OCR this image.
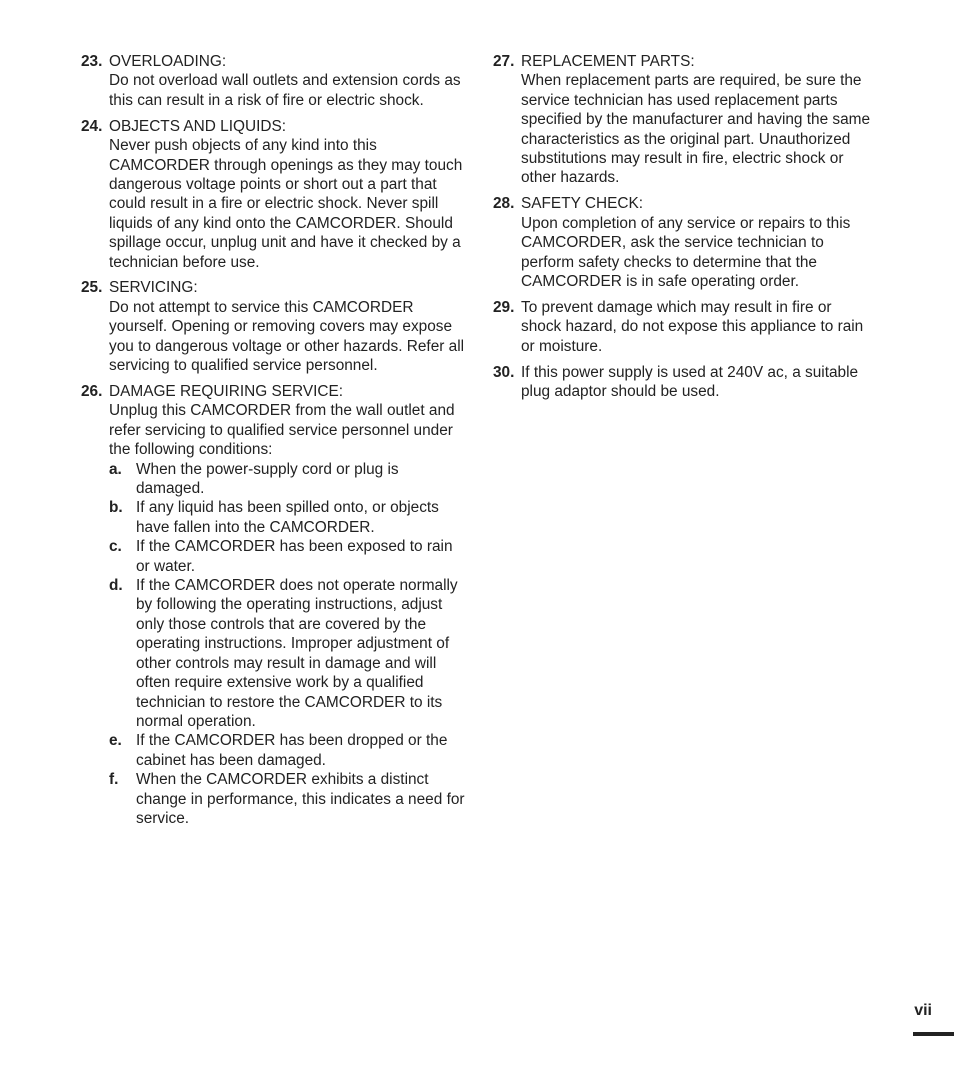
23. OVERLOADING:
Do not overload wall outlets and extension cords as this can result in a risk of fire or electric shock.
24. OBJECTS AND LIQUIDS:
Never push objects of any kind into this CAMCORDER through openings as they may touch dangerous voltage points or short out a part that could result in a fire or electric shock. Never spill liquids of any kind onto the CAMCORDER. Should spillage occur, unplug unit and have it checked by a technician before use.
25. SERVICING:
Do not attempt to service this CAMCORDER yourself. Opening or removing covers may expose you to dangerous voltage or other hazards. Refer all servicing to qualified service personnel.
26. DAMAGE REQUIRING SERVICE:
Unplug this CAMCORDER from the wall outlet and refer servicing to qualified service personnel under the following conditions:
a. When the power-supply cord or plug is damaged.
b. If any liquid has been spilled onto, or objects have fallen into the CAMCORDER.
c. If the CAMCORDER has been exposed to rain or water.
d. If the CAMCORDER does not operate normally by following the operating instructions, adjust only those controls that are covered by the operating instructions. Improper adjustment of other controls may result in damage and will often require extensive work by a qualified technician to restore the CAMCORDER to its normal operation.
e. If the CAMCORDER has been dropped or the cabinet has been damaged.
f. When the CAMCORDER exhibits a distinct change in performance, this indicates a need for service.
27. REPLACEMENT PARTS:
When replacement parts are required, be sure the service technician has used replacement parts specified by the manufacturer and having the same characteristics as the original part. Unauthorized substitutions may result in fire, electric shock or other hazards.
28. SAFETY CHECK:
Upon completion of any service or repairs to this CAMCORDER, ask the service technician to perform safety checks to determine that the CAMCORDER is in safe operating order.
29. To prevent damage which may result in fire or shock hazard, do not expose this appliance to rain or moisture.
30. If this power supply is used at 240V ac, a suitable plug adaptor should be used.
vii
